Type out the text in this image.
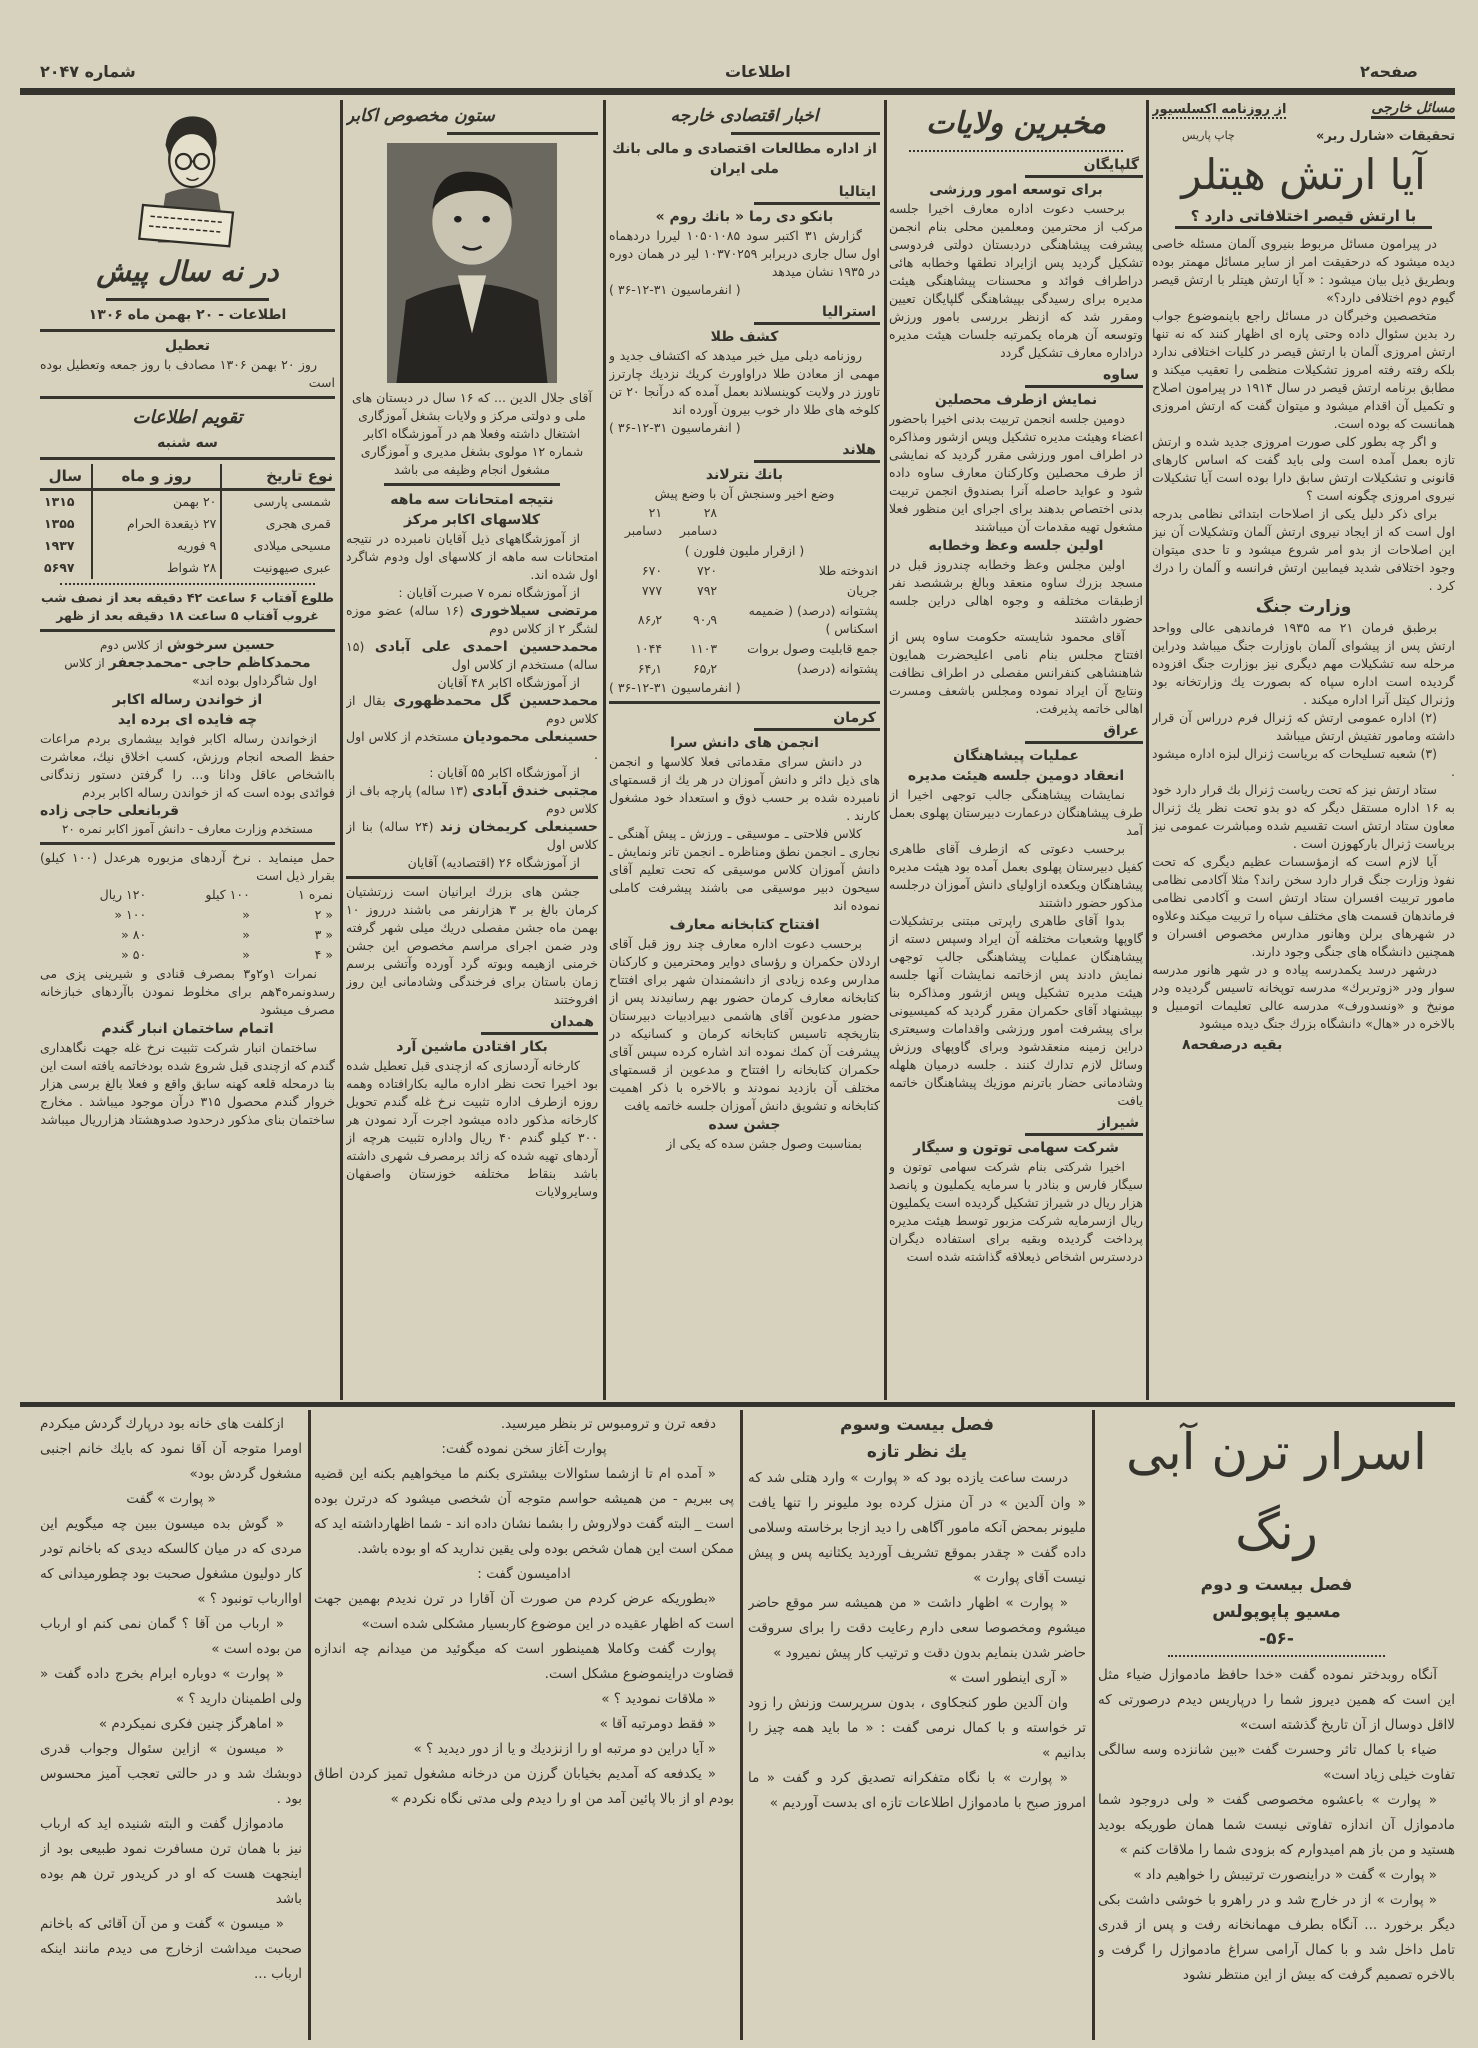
صفحه۲
اطلاعات
شماره ۲۰۴۷
در نه سال پیش
اطلاعات - ۲۰ بهمن ماه ۱۳۰۶
تعطیل

روز ۲۰ بهمن ۱۳۰۶ مصادف با روز جمعه وتعطیل بوده است

تقویم اطلاعات
سه شنبه
نوع تاریخ	روز و ماه	سال
شمسی پارسی	۲۰ بهمن	۱۳۱۵
قمری هجری	۲۷ ذیقعدة الحرام	۱۳۵۵
مسیحی میلادی	۹ فوریه	۱۹۳۷
عبری صیهونیت	۲۸ شواط	۵۶۹۷

طلوع آفتاب ۶ ساعت ۴۲ دقیقه بعد از نصف شب

غروب آفتاب ۵ ساعت ۱۸ دقیقه بعد از ظهر

حسین سرخوش از کلاس دوم

محمدکاظم حاجی -محمدجعفر از کلاس

اول شاگرداول بوده اند»

از خواندن رساله اکابر
چه فایده ای برده اید

ازخواندن رساله اکابر فواید بیشماری بردم مراعات حفظ الصحه انجام ورزش، کسب اخلاق نیك، معاشرت بااشخاص عاقل ودانا و... را گرفتن دستور زندگانی فوائدی بوده است که از خواندن رساله اکابر بردم

قربانعلی حاجی زاده

مستخدم وزارت معارف - دانش آموز اکابر نمره ۲۰

حمل مینماید . نرخ آردهای مزبوره هرعدل (۱۰۰ کیلو) بقرار ذیل است

نمره ۱	۱۰۰ کیلو	۱۲۰ ریال
« ۲	«	۱۰۰ «
« ۳	«	۸۰ «
« ۴	«	۵۰ «

نمرات ۱و۲و۳ بمصرف قنادی و شیرینی پزی می رسدونمره۴هم برای مخلوط نمودن باآردهای خبازخانه مصرف میشود

اتمام ساختمان انبار گندم

ساختمان انبار شرکت تثبیت نرخ غله جهت نگاهداری گندم که ازچندی قبل شروع شده بودخاتمه یافته است این بنا درمحله قلعه کهنه سابق واقع و فعلا بالغ برسی هزار خروار گندم محصول ۳۱۵ درآن موجود میباشد . مخارج ساختمان بنای مذکور درحدود صدوهشتاد هزارریال میباشد

ستون مخصوص اکابر

آقای جلال الدین ... که ۱۶ سال در دبستان های ملی و دولتی مرکز و ولایات بشغل آموزگاری اشتغال داشته وفعلا هم در آموزشگاه اکابر شماره ۱۲ مولوی بشغل مدیری و آموزگاری مشغول انجام وظیفه می باشد

نتیجه امتحانات سه ماهه
کلاسهای اکابر مرکز

از آموزشگاههای ذیل آقایان نامبرده در نتیجه امتحانات سه ماهه از کلاسهای اول ودوم شاگرد اول شده اند.

از آموزشگاه نمره ۷ صبرت آقایان :

مرتضی سیلاخوری (۱۶ ساله) عضو موزه لشگر ۲ از کلاس دوم

محمدحسین احمدی علی آبادی (۱۵ ساله) مستخدم از کلاس اول

از آموزشگاه اکابر ۴۸ آقایان

محمدحسین گل محمدظهوری بقال از کلاس دوم

حسینعلی محمودیان مستخدم از کلاس اول .

از آموزشگاه اکابر ۵۵ آقایان :

مجتبی خندق آبادی (۱۳ ساله) پارچه باف از کلاس دوم

حسینعلی کریمخان زند (۲۴ ساله) بنا از کلاس اول

از آموزشگاه ۲۶ (اقتصادیه) آقایان

جشن های بزرك ایرانیان است زرتشتیان کرمان بالغ بر ۳ هزارنفر می باشند درروز ۱۰ بهمن ماه جشن مفصلی دریك میلی شهر گرفته ودر ضمن اجرای مراسم مخصوص این جشن خرمنی ازهیمه وبوته گرد آورده وآتشی برسم زمان باستان برای فرخندگی وشادمانی این روز افروختند

همدان
بکار افتادن ماشین آرد

کارخانه آردسازی که ازچندی قبل تعطیل شده بود اخیرا تحت نظر اداره مالیه بکارافتاده وهمه روزه ازطرف اداره تثبیت نرخ غله گندم تحویل کارخانه مذکور داده میشود اجرت آرد نمودن هر ۳۰۰ کیلو گندم ۴۰ ریال واداره تثبیت هرچه از آردهای تهیه شده که زائد برمصرف شهری داشته باشد بنقاط مختلفه خوزستان واصفهان وسایرولایات

اخبار اقتصادی خارجه
از اداره مطالعات اقتصادی و مالی بانك ملی ایران
ایتالیا
بانکو دی رما « بانك روم »

گزارش ۳۱ اکتبر سود ۱۰۵۰۱۰۸۵ لیررا دردهماه اول سال جاری دربرابر ۱۰۳۷۰۲۵۹ لیر در همان دوره در ۱۹۳۵ نشان میدهد

( انفرماسیون ۳۱-۱۲-۳۶ )

استرالیا
کشف طلا

روزنامه دیلی میل خبر میدهد که اکتشاف جدید و مهمی از معادن طلا دراواورث کریك نزدیك چارترز تاورز در ولایت کوینسلاند بعمل آمده که درآنجا ۲۰ تن کلوخه های طلا دار خوب بیرون آورده اند

( انفرماسیون ۳۱-۱۲-۳۶ )

هلاند
بانك نترلاند

وضع اخیر وسنجش آن با وضع پیش

	۲۸ دسامبر	۲۱ دسامبر
( ازقرار ملیون فلورن )		
اندوخته طلا	۷۲۰	۶۷۰
جریان	۷۹۲	۷۷۷
پشتوانه (درصد) ( ضمیمه اسکناس )	۹۰٫۹	۸۶٫۲
جمع قابلیت وصول بروات	۱۱۰۳	۱۰۴۴
پشتوانه (درصد)	۶۵٫۲	۶۴٫۱

( انفرماسیون ۳۱-۱۲-۳۶ )

کرمان
انجمن های دانش سرا

در دانش سرای مقدماتی فعلا کلاسها و انجمن های ذیل دائر و دانش آموزان در هر یك از قسمتهای نامبرده شده بر حسب ذوق و استعداد خود مشغول کارند .

کلاس فلاحتی ـ موسیقی ـ ورزش ـ پیش آهنگی ـ نجاری ـ انجمن نطق ومناظره ـ انجمن تاتر ونمایش ـ دانش آموزان کلاس موسیقی که تحت تعلیم آقای سیحون دبیر موسیقی می باشند پیشرفت کاملی نموده اند

افتتاح کتابخانه معارف

برحسب دعوت اداره معارف چند روز قبل آقای اردلان حکمران و رؤسای دوایر ومحترمین و کارکنان مدارس وعده زیادی از دانشمندان شهر برای افتتاح کتابخانه معارف کرمان حضور بهم رسانیدند پس از حضور مدعوین آقای هاشمی دبیرادبیات دبیرستان بتاریخچه تاسیس کتابخانه کرمان و کسانیکه در پیشرفت آن کمك نموده اند اشاره کرده سپس آقای حکمران کتابخانه را افتتاح و مدعوین از قسمتهای مختلف آن بازدید نمودند و بالاخره با ذکر اهمیت کتابخانه و تشویق دانش آموزان جلسه خاتمه یافت

جشن سده

بمناسبت وصول جشن سده که یکی از

مخبرین ولایات
گلپایگان
برای توسعه امور ورزشی

برحسب دعوت اداره معارف اخیرا جلسه مرکب از محترمین ومعلمین محلی بنام انجمن پیشرفت پیشاهنگی دردبستان دولتی فردوسی تشکیل گردید پس ازایراد نطقها وخطابه هائی دراطراف فوائد و محسنات پیشاهنگی هیئت مدیره برای رسیدگی بپیشاهنگی گلپایگان تعیین ومقرر شد که ازنظر بررسی بامور ورزش وتوسعه آن هرماه یکمرتبه جلسات هیئت مدیره دراداره معارف تشکیل گردد

ساوه
نمایش ازطرف محصلین

دومین جلسه انجمن تربیت بدنی اخیرا باحضور اعضاء وهیئت مدیره تشکیل وپس ازشور ومذاکره در اطراف امور ورزشی مقرر گردید که نمایشی از طرف محصلین وکارکنان معارف ساوه داده شود و عواید حاصله آنرا بصندوق انجمن تربیت بدنی اختصاص بدهند برای اجرای این منظور فعلا مشغول تهیه مقدمات آن میباشند

اولین جلسه وعظ وخطابه

اولین مجلس وعظ وخطابه چندروز قبل در مسجد بزرك ساوه منعقد وبالغ برششصد نفر ازطبقات مختلفه و وجوه اهالی دراین جلسه حضور داشتند

آقای محمود شایسته حکومت ساوه پس از افتتاح مجلس بنام نامی اعلیحضرت همایون شاهنشاهی کنفرانس مفصلی در اطراف نظافت ونتایج آن ایراد نموده ومجلس باشعف ومسرت اهالی خاتمه پذیرفت.

عراق
عملیات پیشاهنگان
انعقاد دومین جلسه هیئت مدیره

نمایشات پیشاهنگی جالب توجهی اخیرا از طرف پیشاهنگان درعمارت دبیرستان پهلوی بعمل آمد

برحسب دعوتی که ازطرف آقای طاهری کفیل دبیرستان پهلوی بعمل آمده بود هیئت مدیره پیشاهنگان ویکعده ازاولیای دانش آموزان درجلسه مذکور حضور داشتند

بدوا آقای طاهری راپرتی مبتنی برتشکیلات گاوپها وشعبات مختلفه آن ایراد وسپس دسته از پیشاهنگان عملیات پیشاهنگی جالب توجهی نمایش دادند پس ازخاتمه نمایشات آنها جلسه هیئت مدیره تشکیل وپس ازشور ومذاکره بنا بپیشنهاد آقای حکمران مقرر گردید که کمیسیونی برای پیشرفت امور ورزشی واقدامات وسیعتری دراین زمینه منعقدشود وبرای گاوپهای ورزش وسائل لازم تدارك کنند . جلسه درمیان هلهله وشادمانی حضار باترنم موزیك پیشاهنگان خاتمه یافت

شیراز
شرکت سهامی توتون و سیگار

اخیرا شرکتی بنام شرکت سهامی توتون و سیگار فارس و بنادر با سرمایه یکملیون و پانصد هزار ریال در شیراز تشکیل گردیده است یکملیون ریال ازسرمایه شرکت مزبور توسط هیئت مدیره پرداخت گردیده وبقیه برای استفاده دیگران دردسترس اشخاص ذیعلاقه گذاشته شده است

مسائل خارجی
از روزنامه اکسلسیور
تحقیقات «شارل ربر»
چاپ پاریس
آیا ارتش هیتلر
با ارتش قیصر اختلافاتی دارد ؟

در پیرامون مسائل مربوط بنیروی آلمان مسئله خاصی دیده میشود که درحقیقت امر از سایر مسائل مهمتر بوده وبطریق ذیل بیان میشود : « آیا ارتش هیتلر با ارتش قیصر گیوم دوم اختلافی دارد؟»

متخصصین وخبرگان در مسائل راجع باینموضوع جواب رد بدین سئوال داده وحتی پاره ای اظهار کنند که نه تنها ارتش امروزی آلمان با ارتش قیصر در کلیات اختلافی ندارد بلکه رفته رفته امروز تشکیلات منظمی را تعقیب میکند و مطابق برنامه ارتش قیصر در سال ۱۹۱۴ در پیرامون اصلاح و تکمیل آن اقدام میشود و میتوان گفت که ارتش امروزی همانست که بوده است.

و اگر چه بطور کلی صورت امروزی جدید شده و ارتش تازه بعمل آمده است ولی باید گفت که اساس کارهای قانونی و تشکیلات ارتش سابق دارا بوده است آیا تشکیلات نیروی امروزی چگونه است ؟

برای ذکر دلیل یکی از اصلاحات ابتدائی نظامی بدرجه اول است که از ایجاد نیروی ارتش آلمان وتشکیلات آن نیز این اصلاحات از بدو امر شروع میشود و تا حدی میتوان وجود اختلافی شدید فیمابین ارتش فرانسه و آلمان را درك کرد .

وزارت جنگ

برطبق فرمان ۲۱ مه ۱۹۳۵ فرماندهی عالی وواحد ارتش پس از پیشوای آلمان باوزارت جنگ میباشد ودراین مرحله سه تشکیلات مهم دیگری نیز بوزارت جنگ افزوده گردیده است اداره سپاه که بصورت یك وزارتخانه بود وژنرال کیتل آنرا اداره میکند .

(۲) اداره عمومی ارتش که ژنرال فرم درراس آن قرار داشته ومامور تفتیش ارتش میباشد

(۳) شعبه تسلیحات که بریاست ژنرال لبزه اداره میشود .

ستاد ارتش نیز که تحت ریاست ژنرال بك قرار دارد خود به ۱۶ اداره مستقل دیگر که دو بدو تحت نظر یك ژنرال معاون ستاد ارتش است تقسیم شده ومباشرت عمومی نیز بریاست ژنرال بارکهوزن است .

آیا لازم است که ازمؤسسات عظیم دیگری که تحت نفوذ وزارت جنگ قرار دارد سخن راند؟ مثلا آکادمی نظامی مامور تربیت افسران ستاد ارتش است و آکادمی نظامی فرماندهان قسمت های مختلف سپاه را تربیت میکند وعلاوه در شهرهای برلن وهانور مدارس مخصوص افسران و همچنین دانشگاه های جنگی وجود دارند.

درشهر درسد یکمدرسه پیاده و در شهر هانور مدرسه سوار ودر «زوتربرك» مدرسه توپخانه تاسیس گردیده ودر مونیخ و «ونسدورف» مدرسه عالی تعلیمات اتومبیل و بالاخره در «هال» دانشگاه بزرك جنگ دیده میشود

بقیه درصفحه۸
اسرار ترن آبی رنگ
فصل بیست و دوم
مسیو پاپوپولس
-۵۶-

آنگاه روبدختر نموده گفت «خدا حافظ مادموازل ضیاء مثل این است که همین دیروز شما را درپاریس دیدم درصورتی که لااقل دوسال از آن تاریخ گذشته است»

ضیاء با کمال تاثر وحسرت گفت «بین شانزده وسه سالگی تفاوت خیلی زیاد است»

« پوارت » باعشوه مخصوصی گفت « ولی دروجود شما مادموازل آن اندازه تفاوتی نیست شما همان طوریکه بودید هستید و من باز هم امیدوارم که بزودی شما را ملاقات کنم »

« پوارت » گفت « دراینصورت ترتیبش را خواهیم داد »

« پوارت » از در خارج شد و در راهرو با خوشی داشت بکی دیگر برخورد ... آنگاه بطرف مهمانخانه رفت و پس از قدری تامل داخل شد و با کمال آرامی سراغ مادموازل را گرفت و بالاخره تصمیم گرفت که بیش از این منتظر نشود

فصل بیست وسوم
یك نظر تازه

درست ساعت یازده بود که « پوارت » وارد هتلی شد که « وان آلدین » در آن منزل کرده بود ملیونر را تنها یافت ملیونر بمحض آنکه مامور آگاهی را دید ازجا برخاسته وسلامی داده گفت « چقدر بموقع تشریف آوردید یکثانیه پس و پیش نیست آقای پوارت »

« پوارت » اظهار داشت « من همیشه سر موقع حاضر میشوم ومخصوصا سعی دارم رعایت دقت را برای سروقت حاضر شدن بنمایم بدون دقت و ترتیب کار پیش نمیرود »

« آری اینطور است »

وان آلدین طور کنجکاوی ، بدون سرپرست وزنش را زود تر خواسته و با کمال نرمی گفت : « ما باید همه چیز را بدانیم »

« پوارت » با نگاه متفکرانه تصدیق کرد و گفت « ما امروز صبح با مادموازل اطلاعات تازه ای بدست آوردیم »

دفعه ترن و ترومبوس تر بنظر میرسید.

پوارت آغاز سخن نموده گفت:

« آمده ام تا ازشما سئوالات بیشتری بکنم ما میخواهیم بکنه این قضیه پی ببریم - من همیشه حواسم متوجه آن شخصی میشود که درترن بوده است _ البته گفت دولاروش را بشما نشان داده اند - شما اظهارداشته اید که ممکن است این همان شخص بوده ولی یقین ندارید که او بوده باشد.

ادامیسون گفت :

«بطوریکه عرض کردم من صورت آن آقارا در ترن ندیدم بهمین جهت است که اظهار عقیده در این موضوع کاربسیار مشکلی شده است»

پوارت گفت وکاملا همینطور است که میگوئید من میدانم چه اندازه قضاوت دراینموضوع مشکل است.

« ملاقات نمودید ؟ »

« فقط دومرتبه آقا »

« آیا دراین دو مرتبه او را ازنزدیك و یا از دور دیدید ؟ »

« یکدفعه که آمدیم بخیابان گرزن من درخانه مشغول تمیز کردن اطاق بودم او از بالا پائین آمد من او را دیدم ولی مدتی نگاه نکردم »

ازکلفت های خانه بود درپارك گردش میکردم اومرا متوجه آن آقا نمود که بایك خانم اجنبی مشغول گردش بود»

« پوارت » گفت

« گوش بده میسون ببین چه میگویم این مردی که در میان کالسکه دیدی که باخانم تودر کار دولیون مشغول صحبت بود چطورمیدانی که اواارباب تونبود ؟ »

« ارباب من آقا ؟ گمان نمی کنم او ارباب من بوده است »

« پوارت » دوباره ابرام بخرج داده گفت « ولی اطمینان دارید ؟ »

« اماهرگز چنین فکری نمیکردم »

« میسون » ازاین سئوال وجواب قدری دوبشك شد و در حالتی تعجب آمیز محسوس بود .

مادموازل گفت و البته شنیده اید که ارباب نیز با همان ترن مسافرت نمود طبیعی بود از اینجهت هست که او در کریدور ترن هم بوده باشد

« میسون » گفت و من آن آقائی که باخانم صحبت میداشت ازخارج می دیدم مانند اینکه ارباب ...
